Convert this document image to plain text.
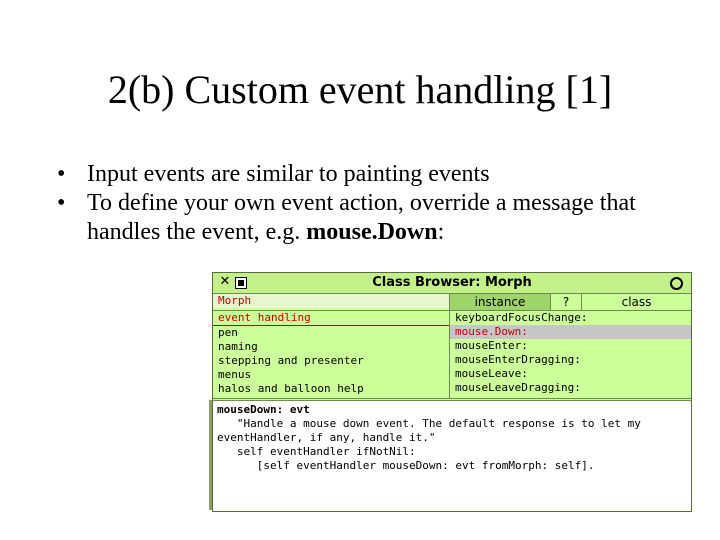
2(b) Custom event handling [1]
• Input events are similar to painting events
• To define your own event action, override a message that handles the event, e.g. mouse.Down:
✕	Class Browser: Morph
Morph
event handling
pen
naming
stepping and presenter
menus
halos and balloon help
instance	?	class
keyboardFocusChange:
mouse.Down:
mouseEnter:
mouseEnterDragging:
mouseLeave:
mouseLeaveDragging:
mouseDown: evt
"Handle a mouse down event. The default response is to let my
eventHandler, if any, handle it."
self eventHandler ifNotNil:
[self eventHandler mouseDown: evt fromMorph: self].
